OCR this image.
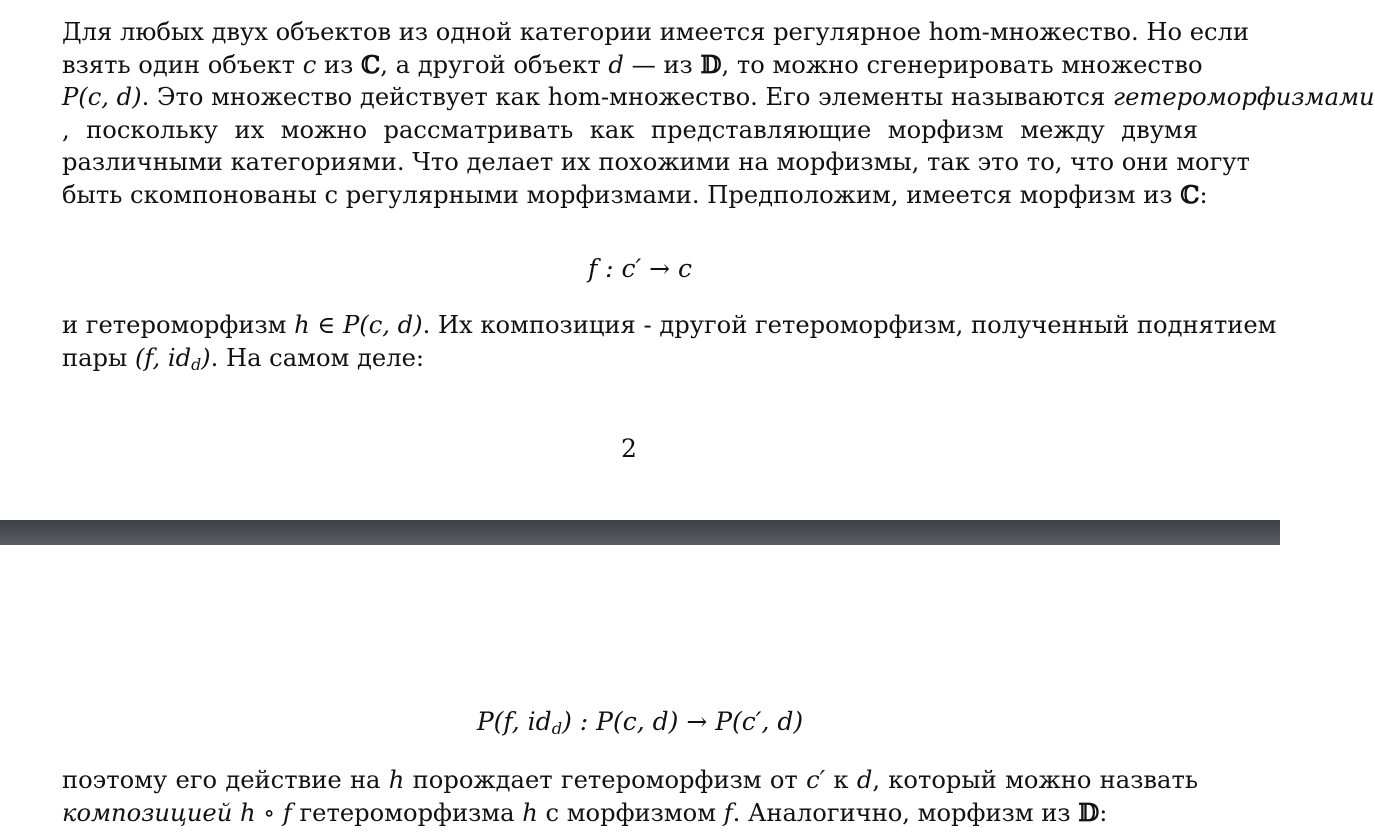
Для любых двух объектов из одной категории имеется регулярное hom-множество. Но если
взять один объект c из ℂ, а другой объект d — из 𝔻, то можно сгенерировать множество
P(c, d). Это множество действует как hom-множество. Его элементы называются гетероморфизмами
, поскольку их можно рассматривать как представляющие морфизм между двумя
различными категориями. Что делает их похожими на морфизмы, так это то, что они могут
быть скомпонованы с регулярными морфизмами. Предположим, имеется морфизм из ℂ:
f : c′ → c
и гетероморфизм h ∈ P(c, d). Их композиция - другой гетероморфизм, полученный поднятием
пары (f, $id_d$). На самом деле:
2
P(f, $id_d$) : P(c, d) → P(c′, d)
поэтому его действие на h порождает гетероморфизм от c′ к d, который можно назвать
композицией h ∘ f гетероморфизма h с морфизмом f. Аналогично, морфизм из 𝔻:
